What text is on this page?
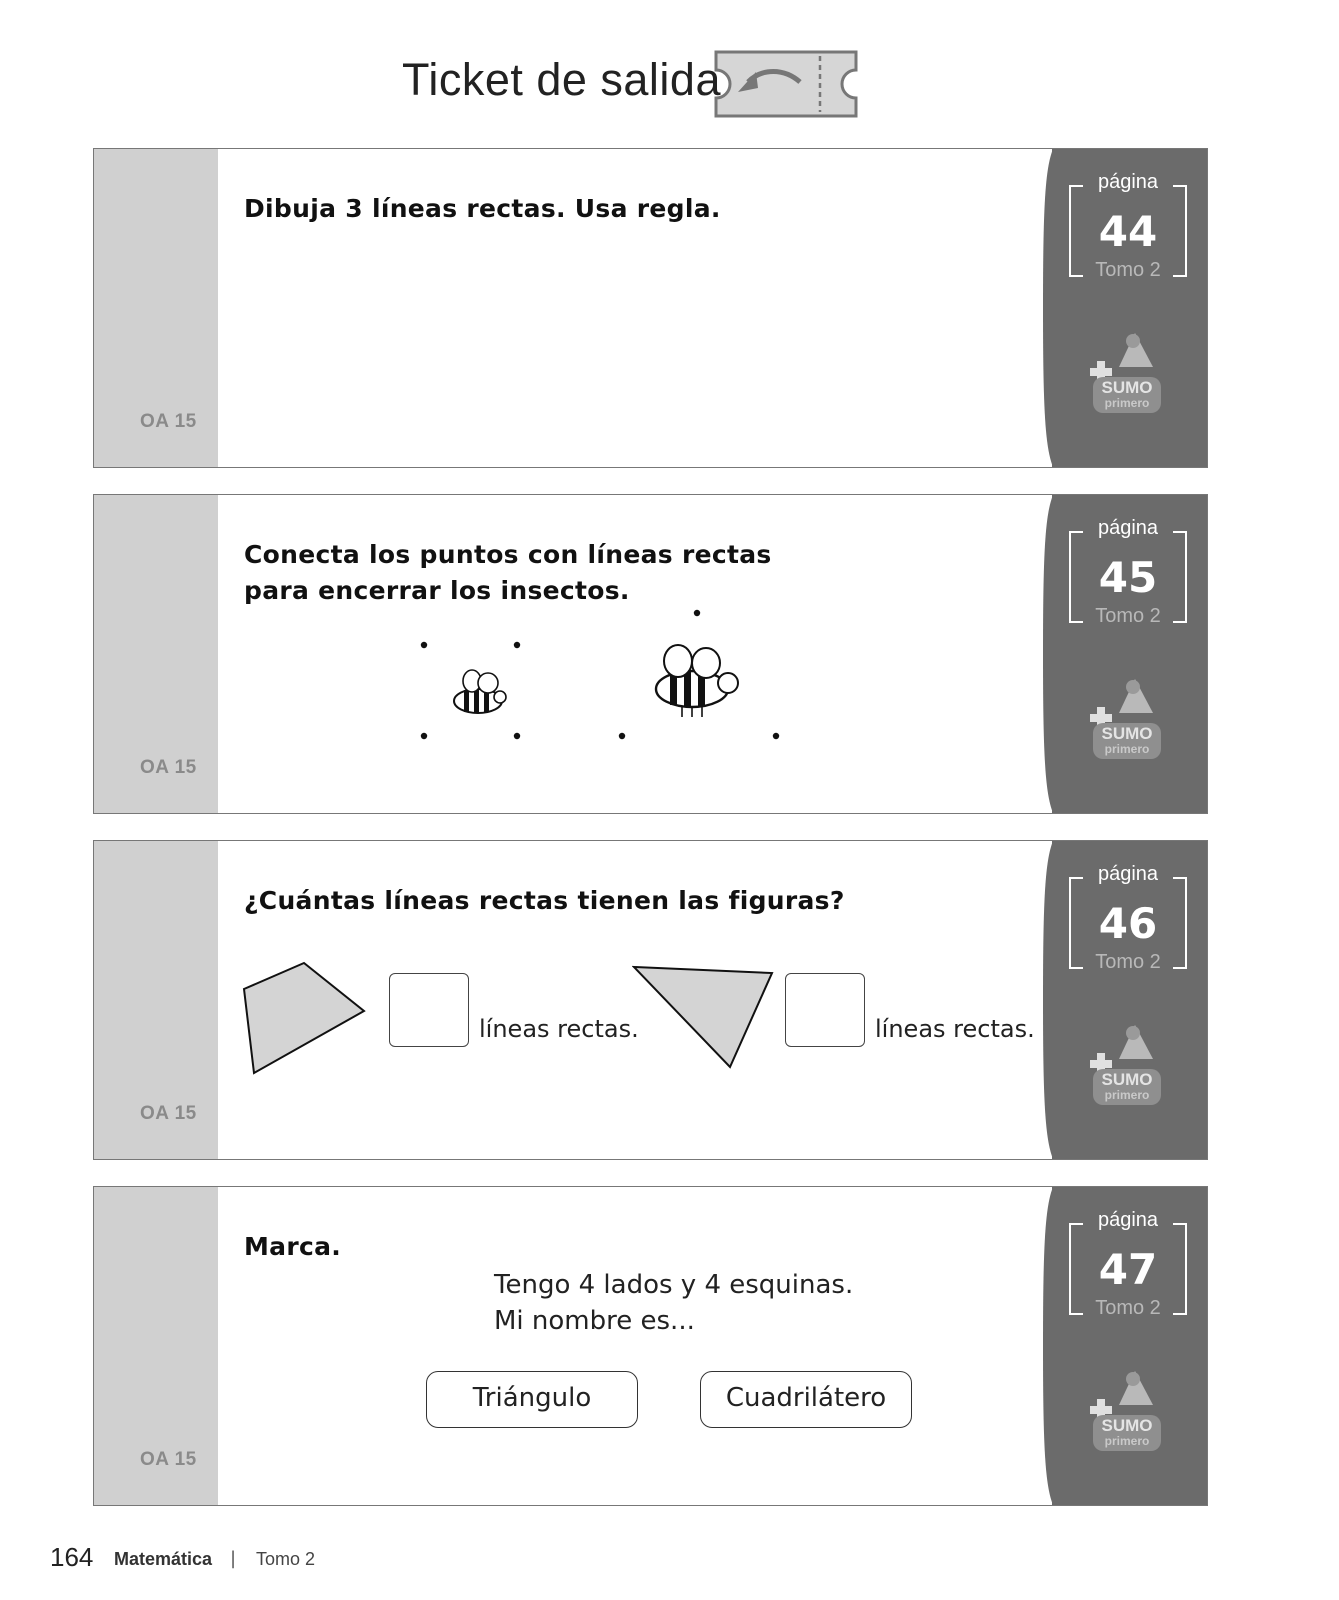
Ticket de salida
OA 15
página
44
Tomo 2
SUMO
primero
Dibuja 3 líneas rectas. Usa regla.
OA 15
página
45
Tomo 2
SUMO
primero
Conecta los puntos con líneas rectas
para encerrar los insectos.
OA 15
página
46
Tomo 2
SUMO
primero
¿Cuántas líneas rectas tienen las figuras?
líneas rectas.	líneas rectas.
OA 15
página
47
Tomo 2
SUMO
primero
Marca.
Tengo 4 lados y 4 esquinas.
Mi nombre es...
Triángulo	Cuadrilátero
164 Matemática | Tomo 2
